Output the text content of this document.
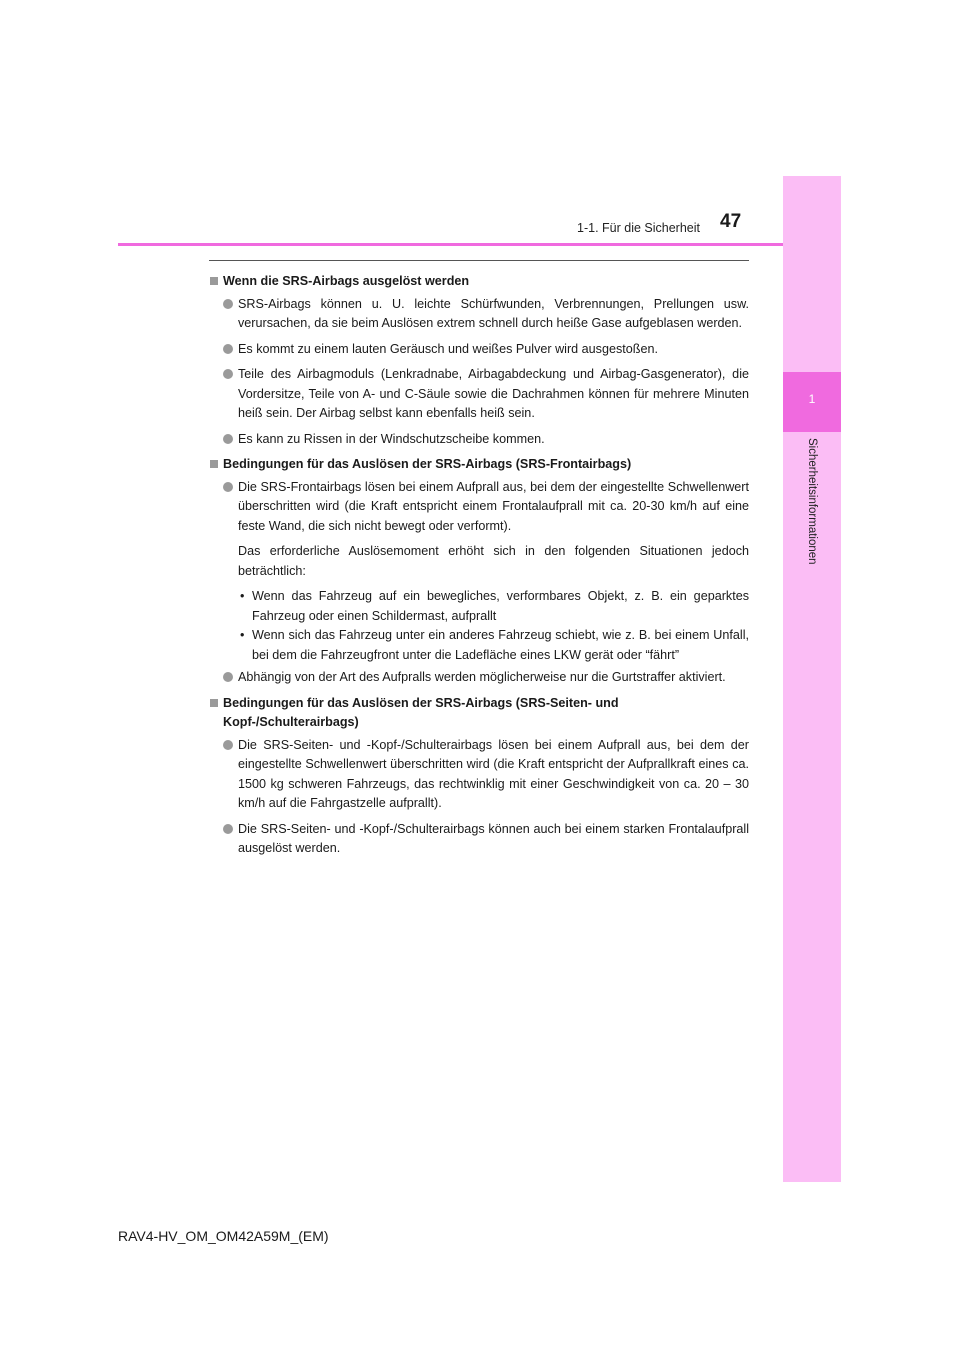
1
Sicherheitsinformationen
1-1. Für die Sicherheit 47
Wenn die SRS-Airbags ausgelöst werden
SRS-Airbags können u. U. leichte Schürfwunden, Verbrennungen, Prellungen usw. verursachen, da sie beim Auslösen extrem schnell durch heiße Gase aufgeblasen werden.
Es kommt zu einem lauten Geräusch und weißes Pulver wird ausgestoßen.
Teile des Airbagmoduls (Lenkradnabe, Airbagabdeckung und Airbag-Gasgenerator), die Vordersitze, Teile von A- und C-Säule sowie die Dachrahmen können für mehrere Minuten heiß sein. Der Airbag selbst kann ebenfalls heiß sein.
Es kann zu Rissen in der Windschutzscheibe kommen.
Bedingungen für das Auslösen der SRS-Airbags (SRS-Frontairbags)
Die SRS-Frontairbags lösen bei einem Aufprall aus, bei dem der eingestellte Schwellenwert überschritten wird (die Kraft entspricht einem Frontalaufprall mit ca. 20-30 km/h auf eine feste Wand, die sich nicht bewegt oder verformt).
Das erforderliche Auslösemoment erhöht sich in den folgenden Situationen jedoch beträchtlich:
• Wenn das Fahrzeug auf ein bewegliches, verformbares Objekt, z. B. ein geparktes Fahrzeug oder einen Schildermast, aufprallt
• Wenn sich das Fahrzeug unter ein anderes Fahrzeug schiebt, wie z. B. bei einem Unfall, bei dem die Fahrzeugfront unter die Ladefläche eines LKW gerät oder “fährt”
Abhängig von der Art des Aufpralls werden möglicherweise nur die Gurtstraffer aktiviert.
Bedingungen für das Auslösen der SRS-Airbags (SRS-Seiten- und Kopf-/Schulterairbags)
Die SRS-Seiten- und -Kopf-/Schulterairbags lösen bei einem Aufprall aus, bei dem der eingestellte Schwellenwert überschritten wird (die Kraft entspricht der Aufprallkraft eines ca. 1500 kg schweren Fahrzeugs, das rechtwinklig mit einer Geschwindigkeit von ca. 20 – 30 km/h auf die Fahrgastzelle aufprallt).
Die SRS-Seiten- und -Kopf-/Schulterairbags können auch bei einem starken Frontalaufprall ausgelöst werden.
RAV4-HV_OM_OM42A59M_(EM)
